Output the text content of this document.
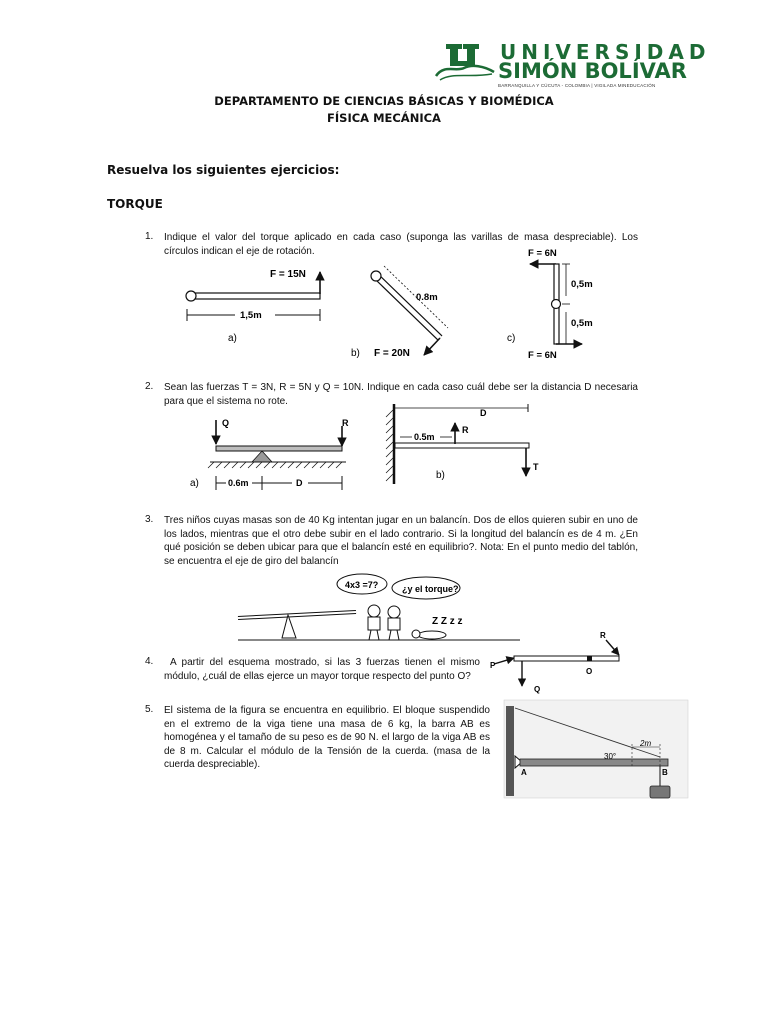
UNIVERSIDAD
SIMÓN BOLÍVAR
BARRANQUILLA Y CÚCUTA - COLOMBIA | VIGILADA MINEDUCACIÓN
DEPARTAMENTO DE CIENCIAS BÁSICAS Y BIOMÉDICA
FÍSICA MECÁNICA
Resuelva los siguientes ejercicios:
TORQUE
1. Indique el valor del torque aplicado en cada caso (suponga las varillas de masa despreciable). Los círculos indican el eje de rotación.
F = 15N
1,5m
a)
0.8m
F = 20N
b)
F = 6N
F = 6N
0,5m
0,5m
c)
Q	R
0.6m	D
a)
D
0.5m
R
T
b)
4x3 =7?	¿y el torque?
Z Z z z
P
Q
R
O
2m
30°
A	B
2. Sean las fuerzas T = 3N, R = 5N y Q = 10N. Indique en cada caso cuál debe ser la distancia D necesaria para que el sistema no rote.
3. Tres niños cuyas masas son de 40 Kg intentan jugar en un balancín. Dos de ellos quieren subir en uno de los lados, mientras que el otro debe subir en el lado contrario. Si la longitud del balancín es de 4 m. ¿En qué posición se deben ubicar para que el balancín esté en equilibrio?. Nota: En el punto medio del tablón, se encuentra el eje de giro del balancín
4.	A partir del esquema mostrado, si las 3 fuerzas tienen el mismo módulo, ¿cuál de ellas ejerce un mayor torque respecto del punto O?
5. El sistema de la figura se encuentra en equilibrio. El bloque suspendido en el extremo de la viga tiene una masa de 6 kg, la barra AB es homogénea y el tamaño de su peso es de 90 N. el largo de la viga AB es de 8 m. Calcular el módulo de la Tensión de la cuerda. (masa de la cuerda despreciable).
